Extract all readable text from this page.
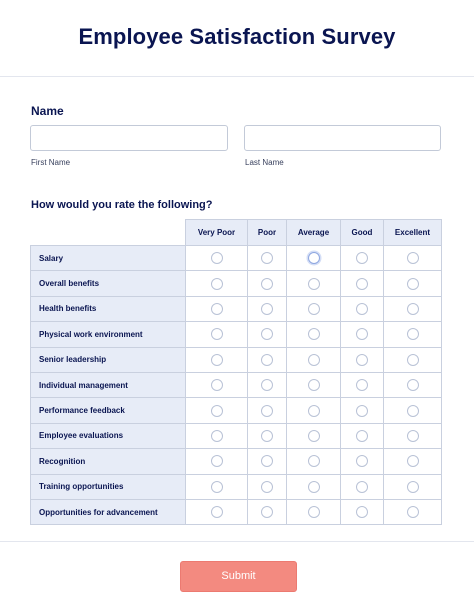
Employee Satisfaction Survey
Name
First Name	Last Name
How would you rate the following?
	Very Poor	Poor	Average	Good	Excellent
Salary					
Overall benefits					
Health benefits					
Physical work environment					
Senior leadership					
Individual management					
Performance feedback					
Employee evaluations					
Recognition					
Training opportunities					
Opportunities for advancement					
Submit
